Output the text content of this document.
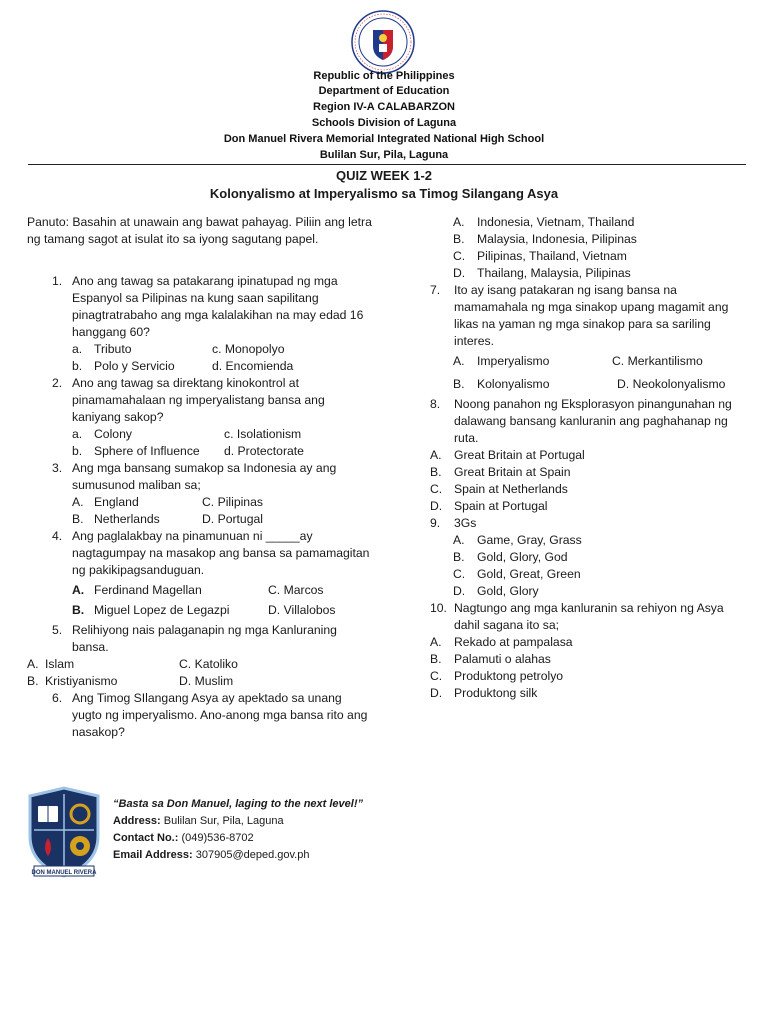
Republic of the Philippines
Department of Education
Region IV-A CALABARZON
Schools Division of Laguna
Don Manuel Rivera Memorial Integrated National High School
Bulilan Sur, Pila, Laguna
QUIZ WEEK 1-2
Kolonyalismo at Imperyalismo sa Timog Silangang Asya
Panuto: Basahin at unawain ang bawat pahayag. Piliin ang letra ng tamang sagot at isulat ito sa iyong sagutang papel.
1. Ano ang tawag sa patakarang ipinatupad ng mga Espanyol sa Pilipinas na kung saan sapilitang pinagtratrabaho ang mga kalalakihan na may edad 16 hanggang 60?
a. Tributo	c. Monopolyo
b. Polo y Servicio	d. Encomienda
2. Ano ang tawag sa direktang kinokontrol at pinamamahalaan ng imperyalistang bansa ang kaniyang sakop?
a. Colony	c. Isolationism
b. Sphere of Influence	d. Protectorate
3. Ang mga bansang sumakop sa Indonesia ay ang sumusunod maliban sa;
A. England	C. Pilipinas
B. Netherlands	D. Portugal
4. Ang paglalakbay na pinamunuan ni _____ay nagtagumpay na masakop ang bansa sa pamamagitan ng pakikipagsanduguan.
A. Ferdinand Magellan	C. Marcos
B. Miguel Lopez de Legazpi	D. Villalobos
5. Relihiyong nais palaganapin ng mga Kanluraning bansa.
A. Islam	C. Katoliko
B. Kristiyanismo	D. Muslim
6. Ang Timog SIlangang Asya ay apektado sa unang yugto ng imperyalismo. Ano-anong mga bansa rito ang nasakop?
A.	Indonesia, Vietnam, Thailand
B.	Malaysia, Indonesia, Pilipinas
C. Pilipinas, Thailand, Vietnam
D. Thailang, Malaysia, Pilipinas
7.	Ito ay isang patakaran ng isang bansa na mamamahala ng mga sinakop upang magamit ang likas na yaman ng mga sinakop para sa sariling interes.
A.	Imperyalismo	C. Merkantilismo
B.	Kolonyalismo	D. Neokolonyalismo
8.	Noong panahon ng Eksplorasyon pinangunahan ng dalawang bansang kanluranin ang paghahanap ng ruta.
A.	Great Britain at Portugal
B.	Great Britain at Spain
C. Spain at Netherlands
D. Spain at Portugal
9.	3Gs
A.	Game, Gray, Grass
B.	Gold, Glory, God
C. Gold, Great, Green
D. Gold, Glory
10. Nagtungo ang mga kanluranin sa rehiyon ng Asya dahil sagana ito sa;
A.	Rekado at pampalasa
B.	Palamuti o alahas
C. Produktong petrolyo
D. Produktong silk
DON MANUEL RIVERA
“Basta sa Don Manuel, laging to the next level!”
Address: Bulilan Sur, Pila, Laguna
Contact No.: (049)536-8702
Email Address: 307905@deped.gov.ph
